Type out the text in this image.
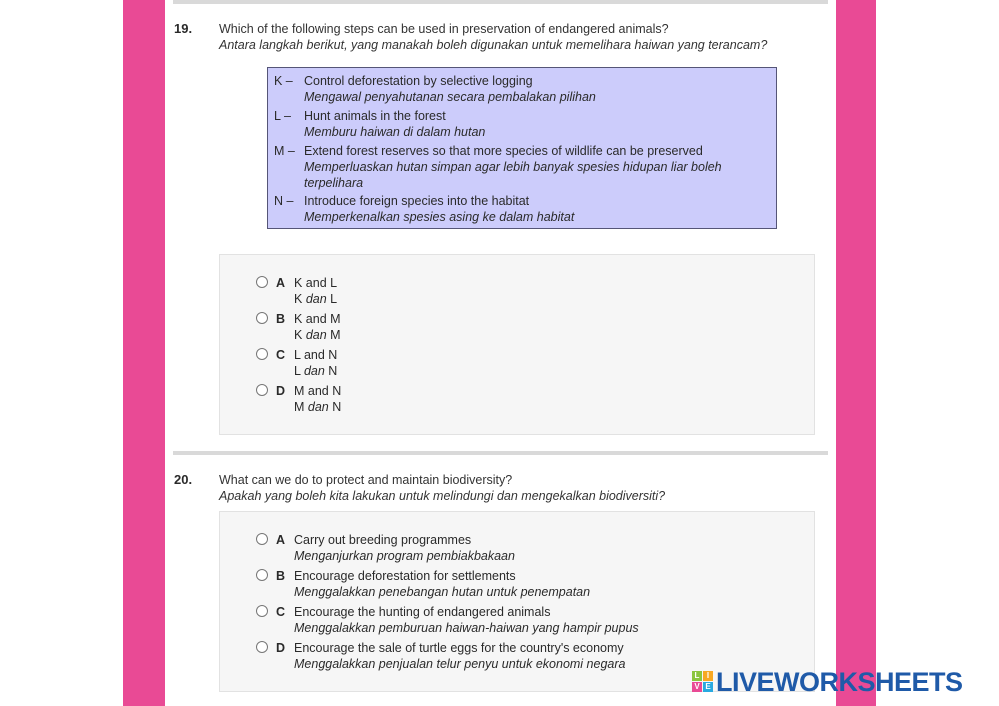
19. Which of the following steps can be used in preservation of endangered animals?
Antara langkah berikut, yang manakah boleh digunakan untuk memelihara haiwan yang terancam?
K – Control deforestation by selective logging
Mengawal penyahutanan secara pembalakan pilihan
L –	Hunt animals in the forest
Memburu haiwan di dalam hutan
M – Extend forest reserves so that more species of wildlife can be preserved
Memperluaskan hutan simpan agar lebih banyak spesies hidupan liar boleh terpelihara
N – Introduce foreign species into the habitat
Memperkenalkan spesies asing ke dalam habitat
A K and L
K dan L
B K and M
K dan M
C L and N
L dan N
D M and N
M dan N
20. What can we do to protect and maintain biodiversity?
Apakah yang boleh kita lakukan untuk melindungi dan mengekalkan biodiversiti?
A Carry out breeding programmes
Menganjurkan program pembiakbakaan
B Encourage deforestation for settlements
Menggalakkan penebangan hutan untuk penempatan
C Encourage the hunting of endangered animals
Menggalakkan pemburuan haiwan-haiwan yang hampir pupus
D Encourage the sale of turtle eggs for the country's economy
Menggalakkan penjualan telur penyu untuk ekonomi negara
L I
V E LIVEWORKSHEETS
